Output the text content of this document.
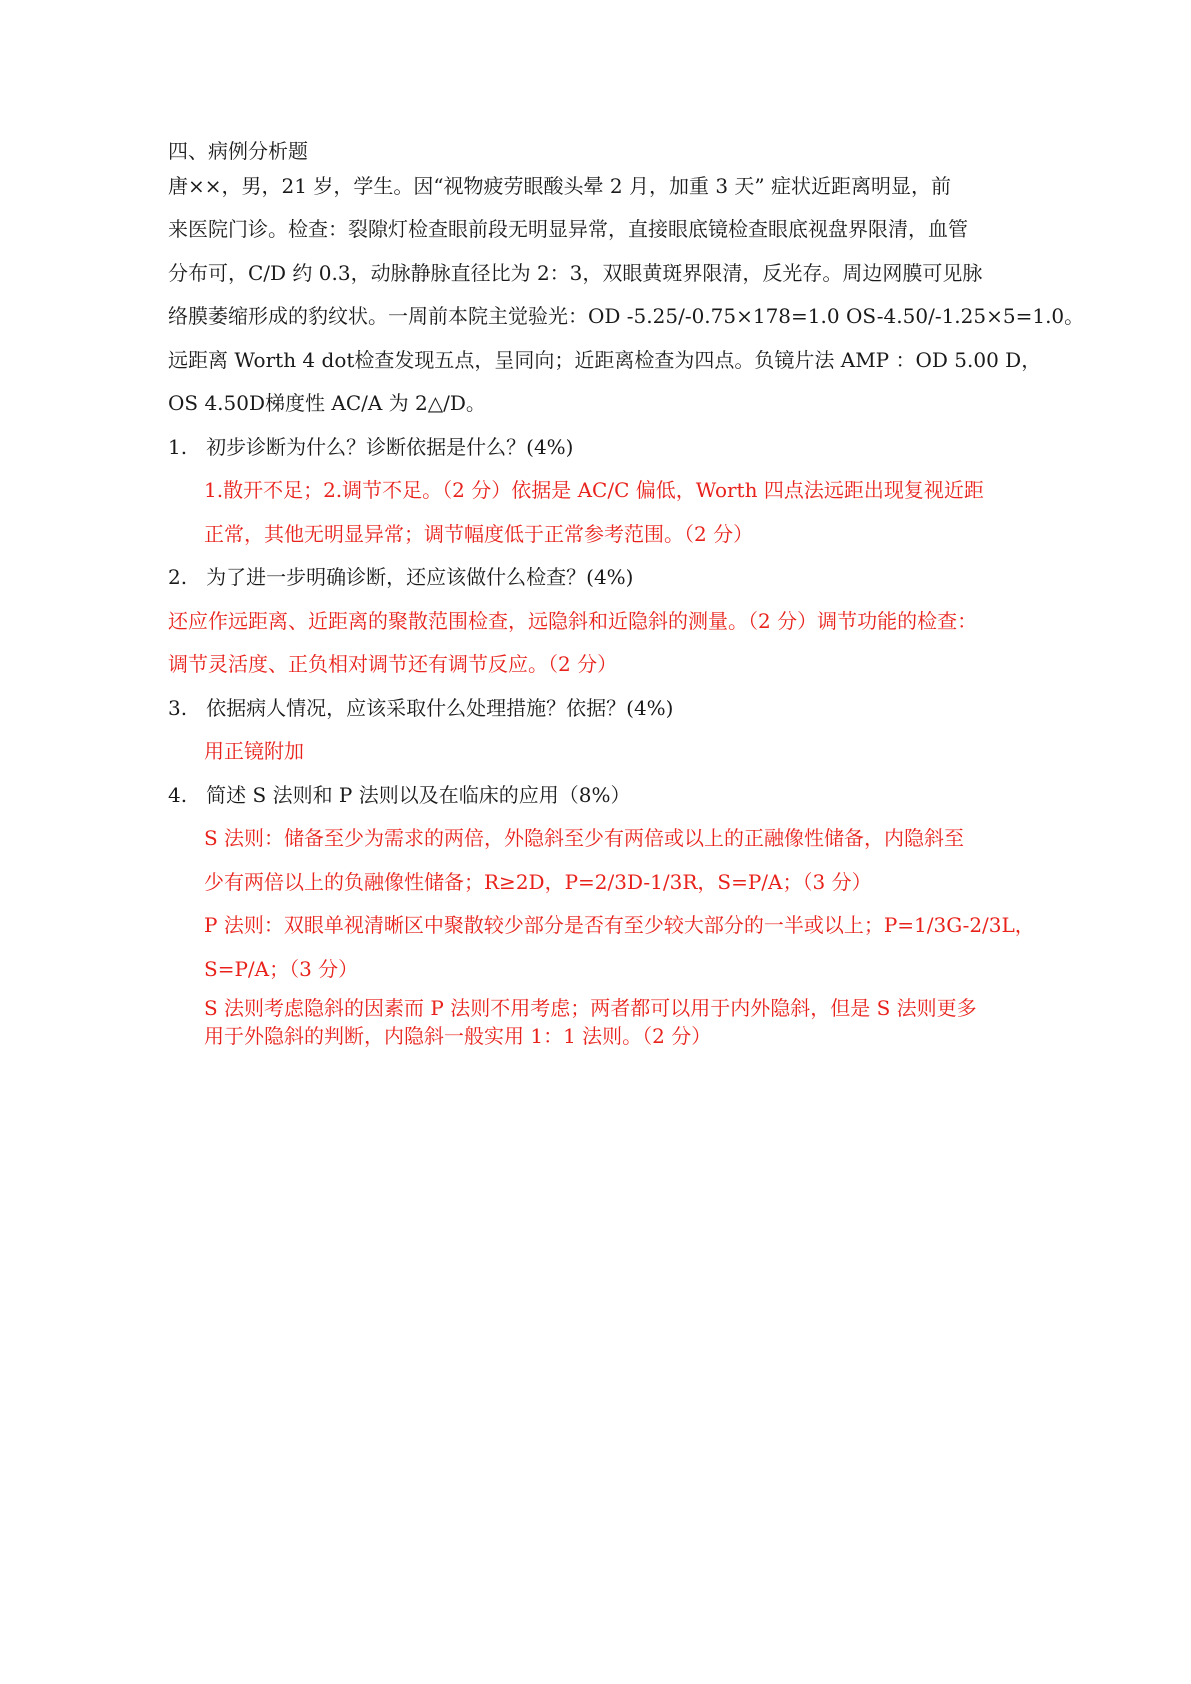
四、病例分析题
唐××，男，21 岁，学生。因“视物疲劳眼酸头晕 2 月，加重 3 天” 症状近距离明显，前
来医院门诊。检查：裂隙灯检查眼前段无明显异常，直接眼底镜检查眼底视盘界限清，血管
分布可，C/D 约 0.3，动脉静脉直径比为 2：3，双眼黄斑界限清，反光存。周边网膜可见脉
络膜萎缩形成的豹纹状。一周前本院主觉验光：OD -5.25/-0.75×178=1.0 OS-4.50/-1.25×5=1.0。
远距离 Worth 4 dot检查发现五点，呈同向；近距离检查为四点。负镜片法 AMP ：OD 5.00 D，
OS 4.50D梯度性 AC/A 为 2△/D。
1.   初步诊断为什么？诊断依据是什么？(4%)
1.散开不足；2.调节不足。（2 分）依据是 AC/C 偏低，Worth 四点法远距出现复视近距
正常，其他无明显异常；调节幅度低于正常参考范围。（2 分）
2.   为了进一步明确诊断，还应该做什么检查？(4%)
还应作远距离、近距离的聚散范围检查，远隐斜和近隐斜的测量。（2 分）调节功能的检查：
调节灵活度、正负相对调节还有调节反应。（2 分）
3.   依据病人情况，应该采取什么处理措施？依据？(4%)
用正镜附加
4.   简述 S 法则和 P 法则以及在临床的应用（8%）
S 法则：储备至少为需求的两倍，外隐斜至少有两倍或以上的正融像性储备，内隐斜至
少有两倍以上的负融像性储备；R≥2D，P=2/3D-1/3R，S=P/A；（3 分）
P 法则：双眼单视清晰区中聚散较少部分是否有至少较大部分的一半或以上；P=1/3G-2/3L，
S=P/A；（3 分）
S 法则考虑隐斜的因素而 P 法则不用考虑；两者都可以用于内外隐斜，但是 S 法则更多
用于外隐斜的判断，内隐斜一般实用 1：1 法则。（2 分）
